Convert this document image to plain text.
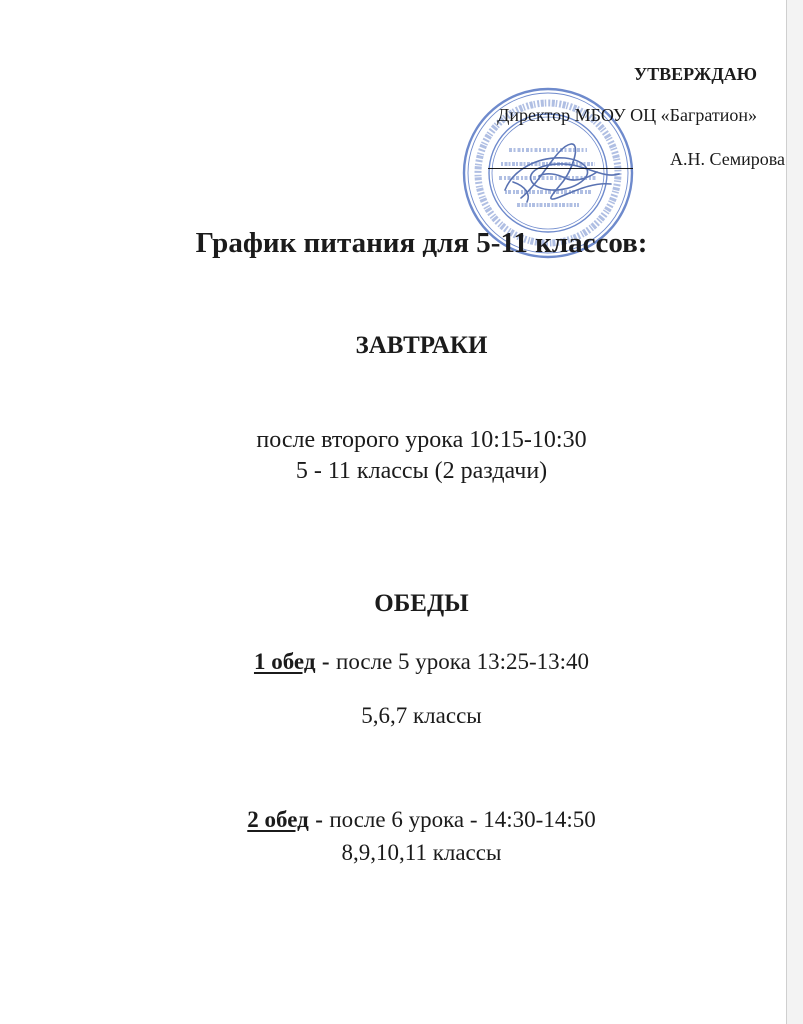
УТВЕРЖДАЮ
Директор МБОУ ОЦ «Багратион»
А.Н. Семирова
График питания для 5-11 классов:
ЗАВТРАКИ
после второго урока 10:15-10:30
5 - 11 классы (2 раздачи)
ОБЕДЫ
1 обед - после 5 урока 13:25-13:40
5,6,7 классы
2 обед - после 6 урока - 14:30-14:50
8,9,10,11 классы
